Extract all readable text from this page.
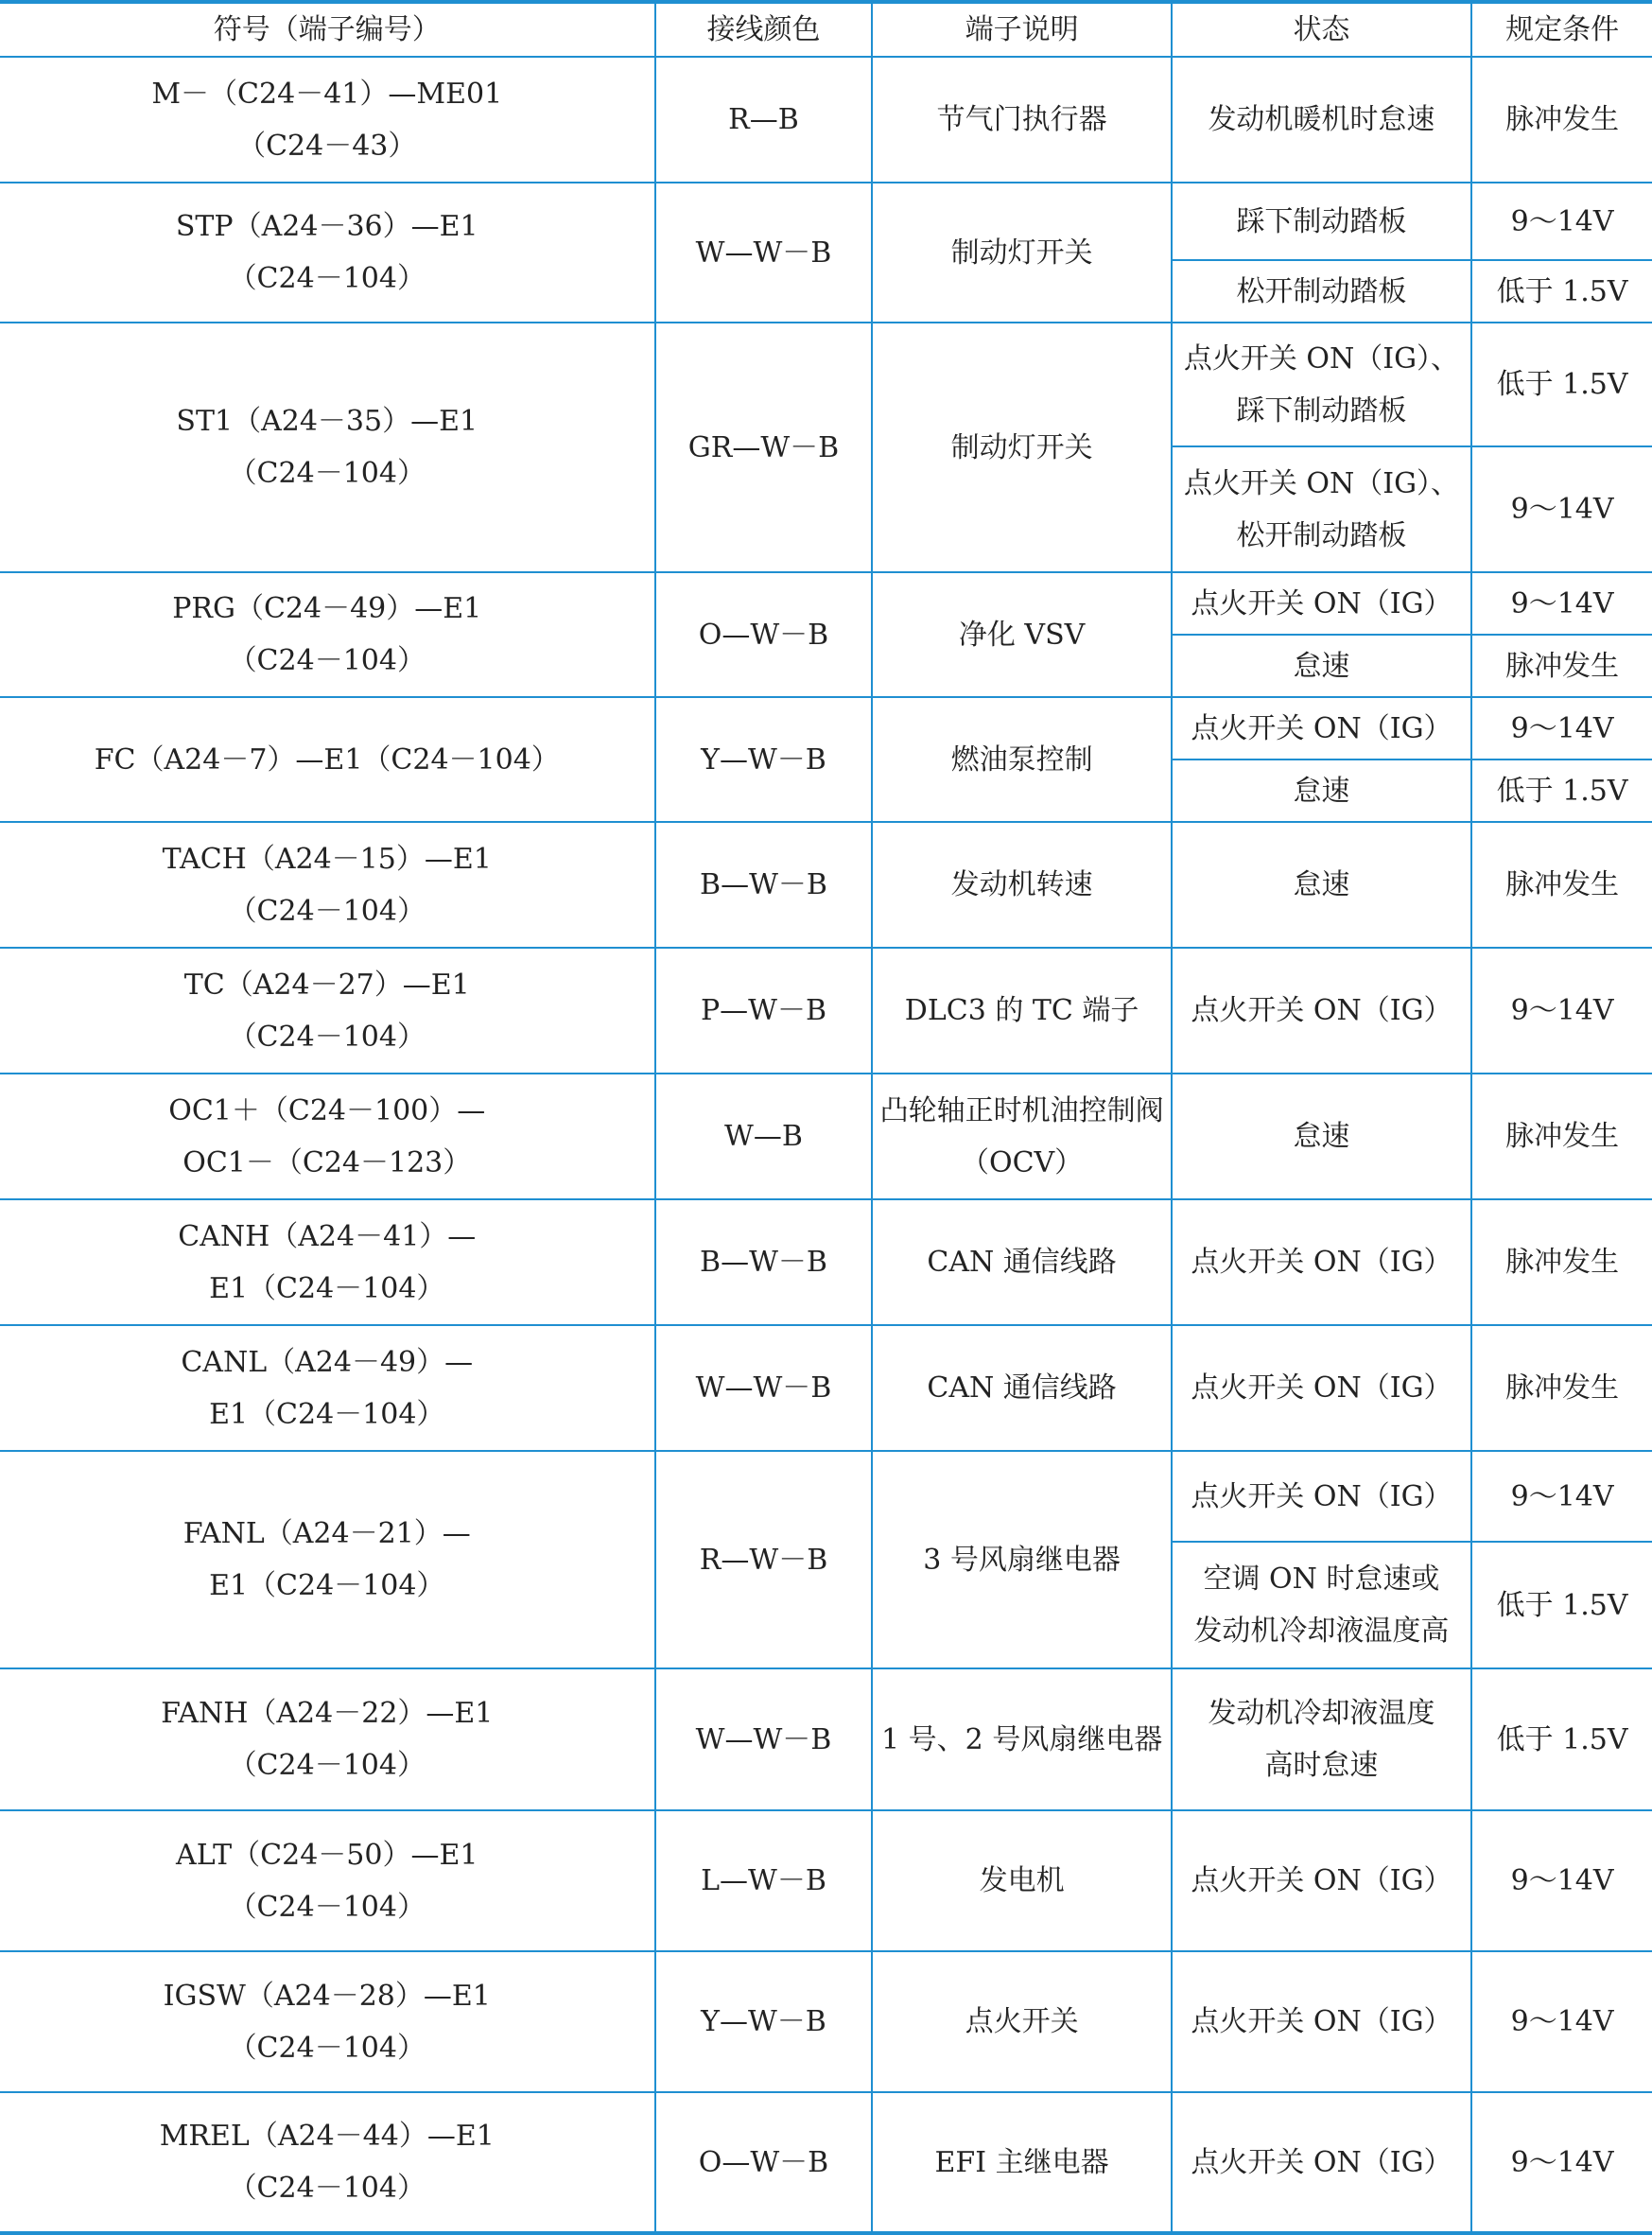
符号（端子编号）	接线颜色	端子说明	状态	规定条件
M－（C24－41）—ME01
（C24－43）	R—B	节气门执行器	发动机暖机时怠速	脉冲发生
STP（A24－36）—E1
（C24－104）	W—W－B	制动灯开关	踩下制动踏板	9～14V
			松开制动踏板	低于 1.5V
ST1（A24－35）—E1
（C24－104）	GR—W－B	制动灯开关	点火开关 ON（IG）、
踩下制动踏板	低于 1.5V
			点火开关 ON（IG）、
松开制动踏板	9～14V
PRG（C24－49）—E1
（C24－104）	O—W－B	净化 VSV	点火开关 ON（IG）	9～14V
			怠速	脉冲发生
FC（A24－7）—E1（C24－104）	Y—W－B	燃油泵控制	点火开关 ON（IG）	9～14V
			怠速	低于 1.5V
TACH（A24－15）—E1
（C24－104）	B—W－B	发动机转速	怠速	脉冲发生
TC（A24－27）—E1
（C24－104）	P—W－B	DLC3 的 TC 端子	点火开关 ON（IG）	9～14V
OC1＋（C24－100）—
OC1－（C24－123）	W—B	凸轮轴正时机油控制阀
（OCV）	怠速	脉冲发生
CANH（A24－41）—
E1（C24－104）	B—W－B	CAN 通信线路	点火开关 ON（IG）	脉冲发生
CANL（A24－49）—
E1（C24－104）	W—W－B	CAN 通信线路	点火开关 ON（IG）	脉冲发生
FANL（A24－21）—
E1（C24－104）	R—W－B	3 号风扇继电器	点火开关 ON（IG）	9～14V
			空调 ON 时怠速或
发动机冷却液温度高	低于 1.5V
FANH（A24－22）—E1
（C24－104）	W—W－B	1 号、2 号风扇继电器	发动机冷却液温度
高时怠速	低于 1.5V
ALT（C24－50）—E1
（C24－104）	L—W－B	发电机	点火开关 ON（IG）	9～14V
IGSW（A24－28）—E1
（C24－104）	Y—W－B	点火开关	点火开关 ON（IG）	9～14V
MREL（A24－44）—E1
（C24－104）	O—W－B	EFI 主继电器	点火开关 ON（IG）	9～14V
